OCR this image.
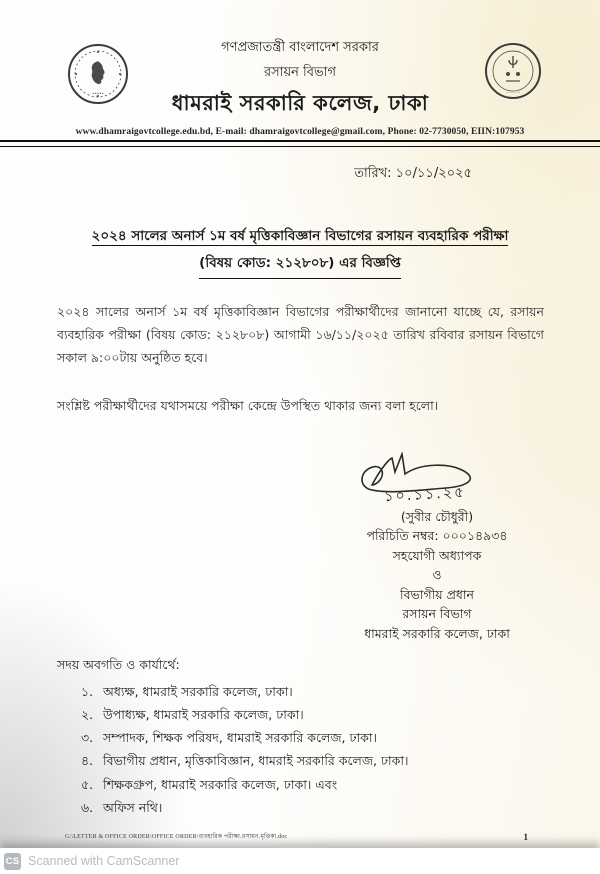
•••••
◦◦◦◦◦◦
◦◦◦◦◦◦
গণপ্রজাতন্ত্রী বাংলাদেশ সরকার
রসায়ন বিভাগ
ধামরাই সরকারি কলেজ, ঢাকা
www.dhamraigovtcollege.edu.bd, E-mail: dhamraigovtcollege@gmail.com, Phone: 02-7730050, EIIN:107953
তারিখ: ১০/১১/২০২৫
২০২৪ সালের অনার্স ১ম বর্ষ মৃত্তিকাবিজ্ঞান বিভাগের রসায়ন ব্যবহারিক পরীক্ষা
(বিষয় কোড: ২১২৮০৮) এর বিজ্ঞপ্তি

২০২৪ সালের অনার্স ১ম বর্ষ মৃত্তিকাবিজ্ঞান বিভাগের পরীক্ষার্থীদের জানানো যাচ্ছে যে, রসায়ন ব্যবহারিক পরীক্ষা (বিষয় কোড: ২১২৮০৮) আগামী ১৬/১১/২০২৫ তারিখ রবিবার রসায়ন বিভাগে সকাল ৯:০০টায় অনুষ্ঠিত হবে।

সংশ্লিষ্ট পরীক্ষার্থীদের যথাসময়ে পরীক্ষা কেন্দ্রে উপস্থিত থাকার জন্য বলা হলো।

১০.১১.২৫
(সুবীর চৌধুরী)
পরিচিতি নম্বর: ০০০১৪৯৩৪
সহযোগী অধ্যাপক
ও
বিভাগীয় প্রধান
রসায়ন বিভাগ
ধামরাই সরকারি কলেজ, ঢাকা
সদয় অবগতি ও কার্যার্থে:
১. অধ্যক্ষ, ধামরাই সরকারি কলেজ, ঢাকা।
২. উপাধ্যক্ষ, ধামরাই সরকারি কলেজ, ঢাকা।
৩. সম্পাদক, শিক্ষক পরিষদ, ধামরাই সরকারি কলেজ, ঢাকা।
৪. বিভাগীয় প্রধান, মৃত্তিকাবিজ্ঞান, ধামরাই সরকারি কলেজ, ঢাকা।
৫. শিক্ষকগ্রুপ, ধামরাই সরকারি কলেজ, ঢাকা। এবং
৬. অফিস নথি।
G:\LETTER & OFFICE ORDER\OFFICE ORDER\ব্যবহারিক পরীক্ষা.রসায়ন.মৃত্তিকা.doc	1
CS Scanned with CamScanner
